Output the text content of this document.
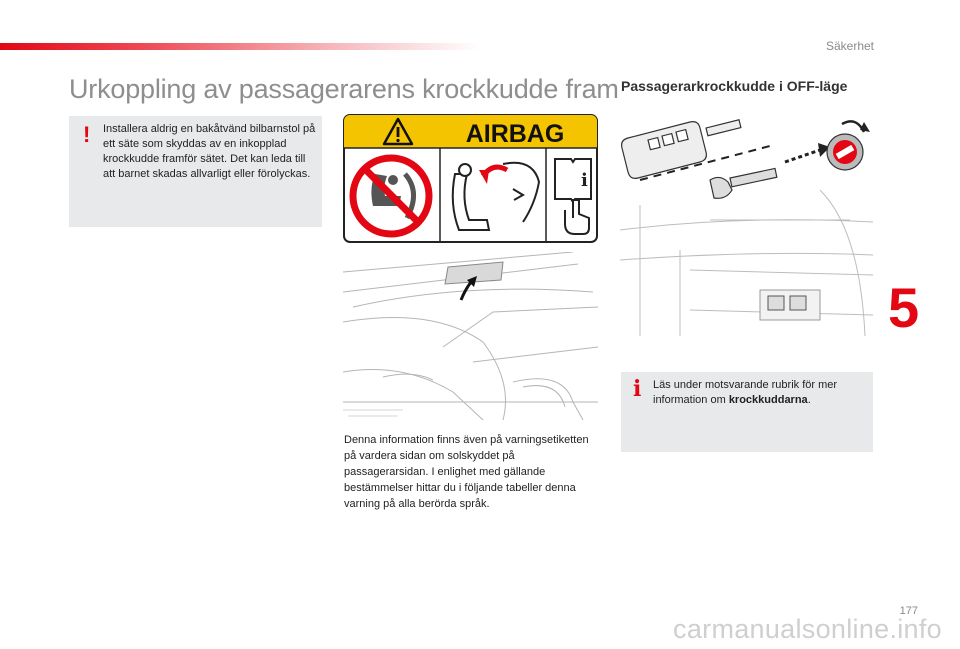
Säkerhet
5
Urkoppling av passagerarens krockkudde fram Passagerarkrockkudde i OFF-läge
! Installera aldrig en bakåtvänd bilbarnstol på ett säte som skyddas av en inkopplad krockkudde framför sätet. Det kan leda till att barnet skadas allvarligt eller förolyckas.
AIRBAG
i
Denna information finns även på varningsetiketten på vardera sidan om solskyddet på passagerarsidan. I enlighet med gällande bestämmelser hittar du i följande tabeller denna varning på alla berörda språk.
i Läs under motsvarande rubrik för mer information om krockkuddarna.
177
carmanualsonline.info
